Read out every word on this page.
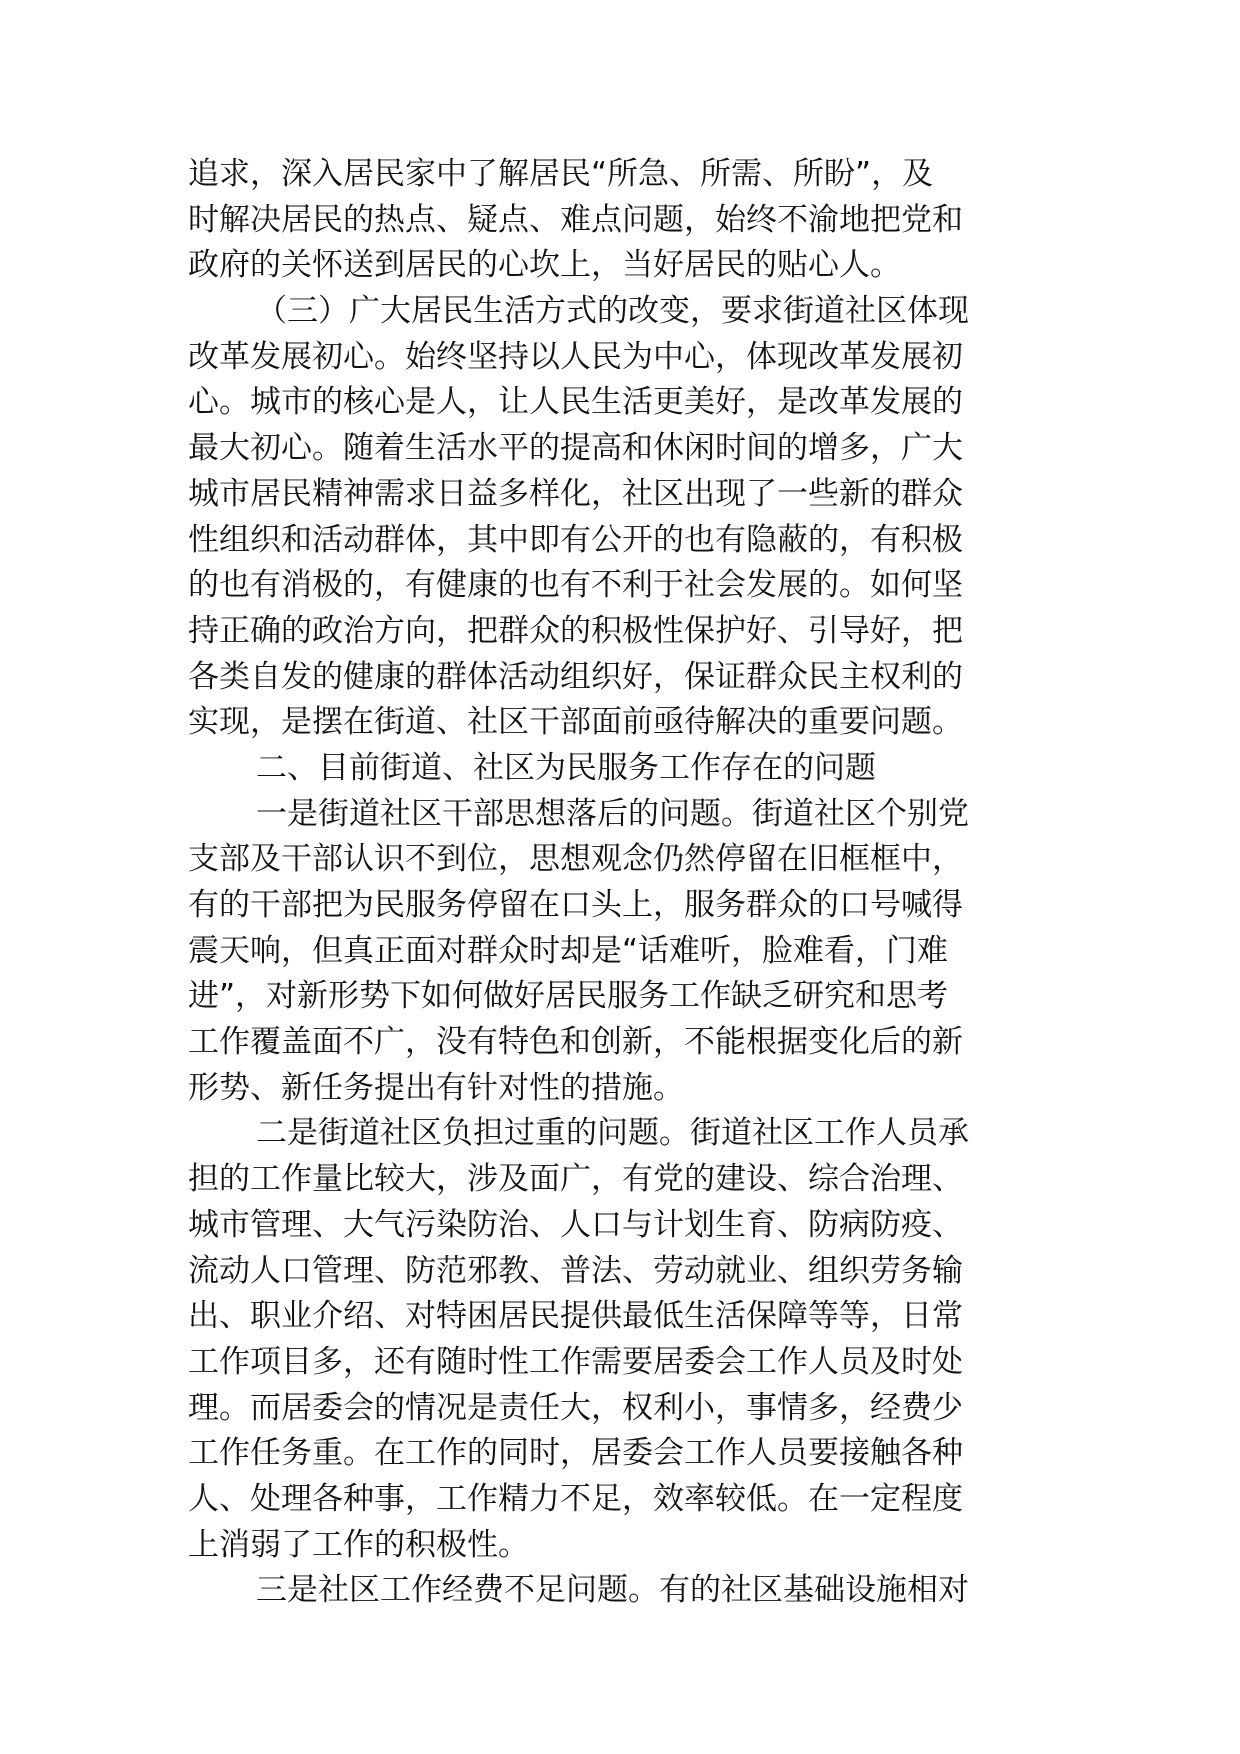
追求，深入居民家中了解居民“所急、所需、所盼”，及
时解决居民的热点、疑点、难点问题，始终不渝地把党和
政府的关怀送到居民的心坎上，当好居民的贴心人。
（三）广大居民生活方式的改变，要求街道社区体现
改革发展初心。始终坚持以人民为中心，体现改革发展初
心。城市的核心是人，让人民生活更美好，是改革发展的
最大初心。随着生活水平的提高和休闲时间的增多，广大
城市居民精神需求日益多样化，社区出现了一些新的群众
性组织和活动群体，其中即有公开的也有隐蔽的，有积极
的也有消极的，有健康的也有不利于社会发展的。如何坚
持正确的政治方向，把群众的积极性保护好、引导好，把
各类自发的健康的群体活动组织好，保证群众民主权利的
实现，是摆在街道、社区干部面前亟待解决的重要问题。
二、目前街道、社区为民服务工作存在的问题
一是街道社区干部思想落后的问题。街道社区个别党
支部及干部认识不到位，思想观念仍然停留在旧框框中，
有的干部把为民服务停留在口头上，服务群众的口号喊得
震天响，但真正面对群众时却是“话难听，脸难看，门难
进”，对新形势下如何做好居民服务工作缺乏研究和思考
工作覆盖面不广，没有特色和创新，不能根据变化后的新
形势、新任务提出有针对性的措施。
二是街道社区负担过重的问题。街道社区工作人员承
担的工作量比较大，涉及面广，有党的建设、综合治理、
城市管理、大气污染防治、人口与计划生育、防病防疫、
流动人口管理、防范邪教、普法、劳动就业、组织劳务输
出、职业介绍、对特困居民提供最低生活保障等等，日常
工作项目多，还有随时性工作需要居委会工作人员及时处
理。而居委会的情况是责任大，权利小，事情多，经费少
工作任务重。在工作的同时，居委会工作人员要接触各种
人、处理各种事，工作精力不足，效率较低。在一定程度
上消弱了工作的积极性。
三是社区工作经费不足问题。有的社区基础设施相对
